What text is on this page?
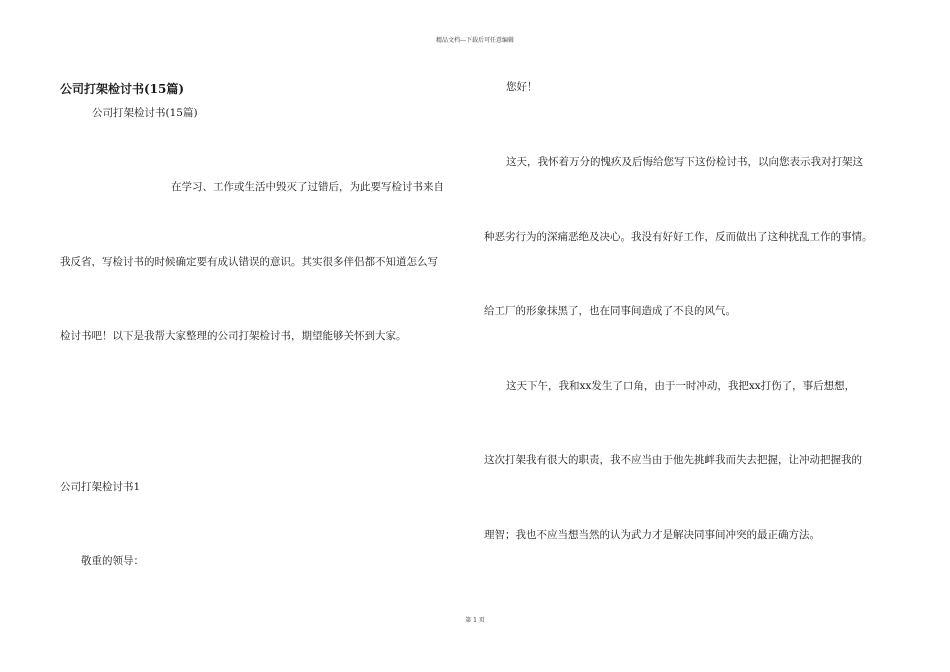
精品文档---下载后可任意编辑
公司打架检讨书(15篇)
公司打架检讨书(15篇)
在学习、工作或生活中毁灭了过错后，为此要写检讨书来自
我反省，写检讨书的时候确定要有成认错误的意识。其实很多伴侣都不知道怎么写
检讨书吧！以下是我帮大家整理的公司打架检讨书，期望能够关怀到大家。
公司打架检讨书1
敬重的领导：
您好！
这天，我怀着万分的愧疚及后悔给您写下这份检讨书，以向您表示我对打架这
种恶劣行为的深痛恶绝及决心。我没有好好工作，反而做出了这种扰乱工作的事情。
给工厂的形象抹黑了，也在同事间造成了不良的风气。
这天下午，我和xx发生了口角，由于一时冲动，我把xx打伤了，事后想想，
这次打架我有很大的职责，我不应当由于他先挑衅我而失去把握，让冲动把握我的
理智；我也不应当想当然的认为武力才是解决同事间冲突的最正确方法。
第 1 页
